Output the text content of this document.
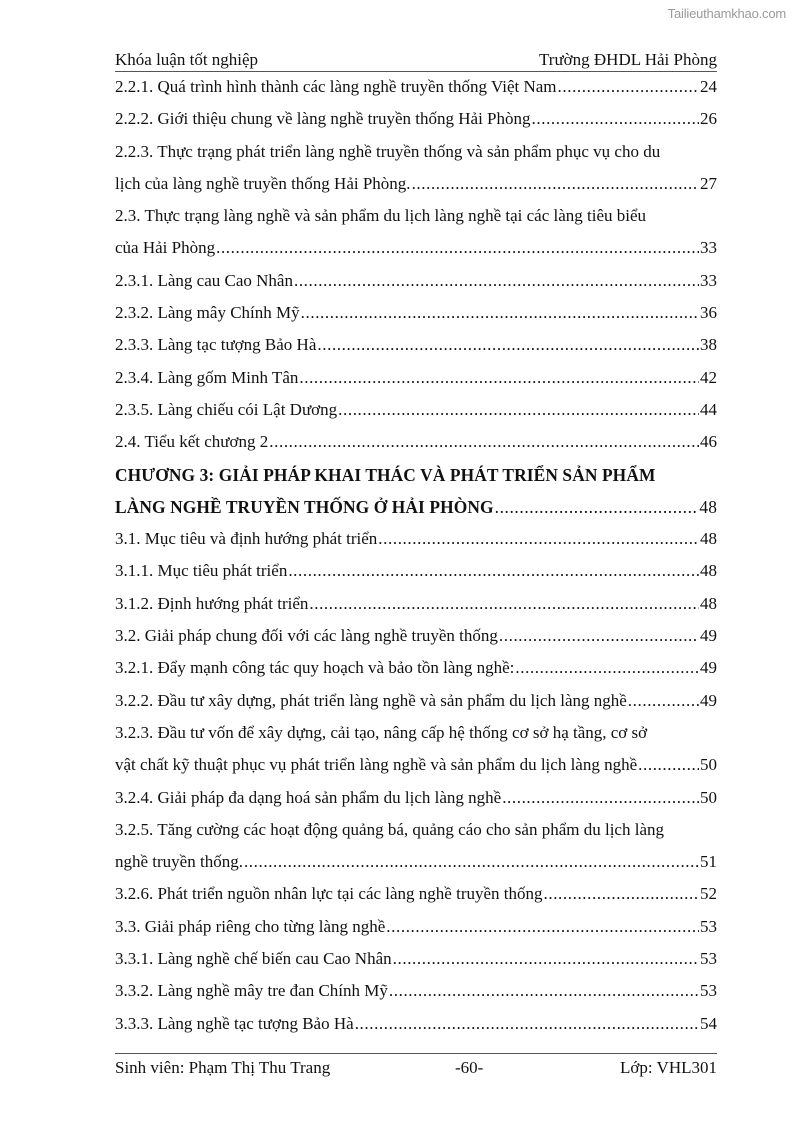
Tailieuthamkhao.com
Khóa luận tốt nghiệp	Trường ĐHDL Hải Phòng
2.2.1. Quá trình hình thành các làng nghề truyền thống Việt Nam .....	24
2.2.2. Giới thiệu chung về làng nghề truyền thống Hải Phòng .....	26
2.2.3. Thực trạng phát triển làng nghề truyền thống và sản phẩm phục vụ cho du
lịch của làng nghề truyền thống Hải Phòng. .....	27
2.3. Thực trạng làng nghề và sản phẩm du lịch làng nghề tại các làng tiêu biểu
của Hải Phòng .....	33
2.3.1. Làng cau Cao Nhân .....	33
2.3.2. Làng mây Chính Mỹ .....	36
2.3.3. Làng tạc tượng Bảo Hà .....	38
2.3.4. Làng gốm Minh Tân .....	42
2.3.5. Làng chiếu cói Lật Dương .....	44
2.4. Tiểu kết chương 2 .....	46
CHƯƠNG 3: GIẢI PHÁP KHAI THÁC VÀ PHÁT TRIỂN SẢN PHẨM
LÀNG NGHỀ TRUYỀN THỐNG Ở HẢI PHÒNG .....	48
3.1. Mục tiêu và định hướng phát triển .....	48
3.1.1. Mục tiêu phát triển .....	48
3.1.2. Định hướng phát triển .....	48
3.2. Giải pháp chung đối với các làng nghề truyền thống .....	49
3.2.1. Đẩy mạnh công tác quy hoạch và bảo tồn làng nghề: .....	49
3.2.2. Đầu tư xây dựng, phát triển làng nghề và sản phẩm du lịch làng nghề .....	49
3.2.3. Đầu tư vốn để xây dựng, cải tạo, nâng cấp hệ thống cơ sở hạ tầng, cơ sở
vật chất kỹ thuật phục vụ phát triển làng nghề và sản phẩm du lịch làng nghề .....	50
3.2.4. Giải pháp đa dạng hoá sản phẩm du lịch làng nghề .....	50
3.2.5. Tăng cường các hoạt động quảng bá, quảng cáo cho sản phẩm du lịch làng
nghề truyền thống. .....	51
3.2.6. Phát triển nguồn nhân lực tại các làng nghề truyền thống .....	52
3.3. Giải pháp riêng cho từng làng nghề .....	53
3.3.1. Làng nghề chế biến cau Cao Nhân .....	53
3.3.2. Làng nghề mây tre đan Chính Mỹ .....	53
3.3.3. Làng nghề tạc tượng Bảo Hà .....	54
Sinh viên: Phạm Thị Thu Trang	-60-	Lớp: VHL301
